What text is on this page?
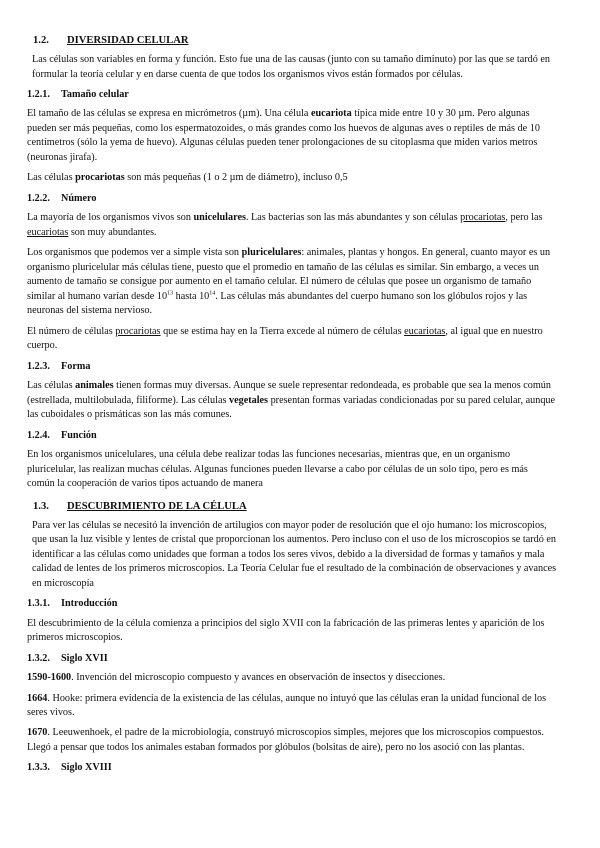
1.2. DIVERSIDAD CELULAR

Las células son variables en forma y función. Esto fue una de las causas (junto con su tamaño diminuto) por las que se tardó en formular la teoría celular y en darse cuenta de que todos los organismos vivos están formados por células.

1.2.1. Tamaño celular

El tamaño de las células se expresa en micrómetros (µm). Una célula eucariota típica mide entre 10 y 30 µm. Pero algunas pueden ser más pequeñas, como los espermatozoides, o más grandes como los huevos de algunas aves o reptiles de más de 10 centímetros (sólo la yema de huevo). Algunas células pueden tener prolongaciones de su citoplasma que miden varios metros (neuronas jirafa).

Las células procariotas son más pequeñas (1 o 2 µm de diámetro), incluso 0,5

1.2.2. Número

La mayoría de los organismos vivos son unicelulares. Las bacterias son las más abundantes y son células procariotas, pero las eucariotas son muy abundantes.

Los organismos que podemos ver a simple vista son pluricelulares: animales, plantas y hongos. En general, cuanto mayor es un organismo pluricelular más células tiene, puesto que el promedio en tamaño de las células es similar. Sin embargo, a veces un aumento de tamaño se consigue por aumento en el tamaño celular. El número de células que posee un organismo de tamaño similar al humano varían desde $10^{13}$ hasta $10^{14}$. Las células más abundantes del cuerpo humano son los glóbulos rojos y las neuronas del sistema nervioso.

El número de células procariotas que se estima hay en la Tierra excede al número de células eucariotas, al igual que en nuestro cuerpo.

1.2.3. Forma

Las células animales tienen formas muy diversas. Aunque se suele representar redondeada, es probable que sea la menos común (estrellada, multilobulada, filiforme). Las células vegetales presentan formas variadas condicionadas por su pared celular, aunque las cuboidales o prismáticas son las más comunes.

1.2.4. Función

En los organismos unicelulares, una célula debe realizar todas las funciones necesarias, mientras que, en un organismo pluricelular, las realizan muchas células. Algunas funciones pueden llevarse a cabo por células de un solo tipo, pero es más común la cooperación de varios tipos actuando de manera

1.3. DESCUBRIMIENTO DE LA CÉLULA

Para ver las células se necesitó la invención de artilugios con mayor poder de resolución que el ojo humano: los microscopios, que usan la luz visible y lentes de cristal que proporcionan los aumentos. Pero incluso con el uso de los microscopios se tardó en identificar a las células como unidades que forman a todos los seres vivos, debido a la diversidad de formas y tamaños y mala calidad de lentes de los primeros microscopios. La Teoría Celular fue el resultado de la combinación de observaciones y avances en microscopía

1.3.1. Introducción

El descubrimiento de la célula comienza a principios del siglo XVII con la fabricación de las primeras lentes y aparición de los primeros microscopios.

1.3.2. Siglo XVII

1590-1600. Invención del microscopio compuesto y avances en observación de insectos y disecciones.

1664. Hooke: primera evidencia de la existencia de las células, aunque no intuyó que las células eran la unidad funcional de los seres vivos.

1670. Leeuwenhoek, el padre de la microbiología, construyó microscopios simples, mejores que los microscopios compuestos. Llegó a pensar que todos los animales estaban formados por glóbulos (bolsitas de aire), pero no los asoció con las plantas.

1.3.3. Siglo XVIII
